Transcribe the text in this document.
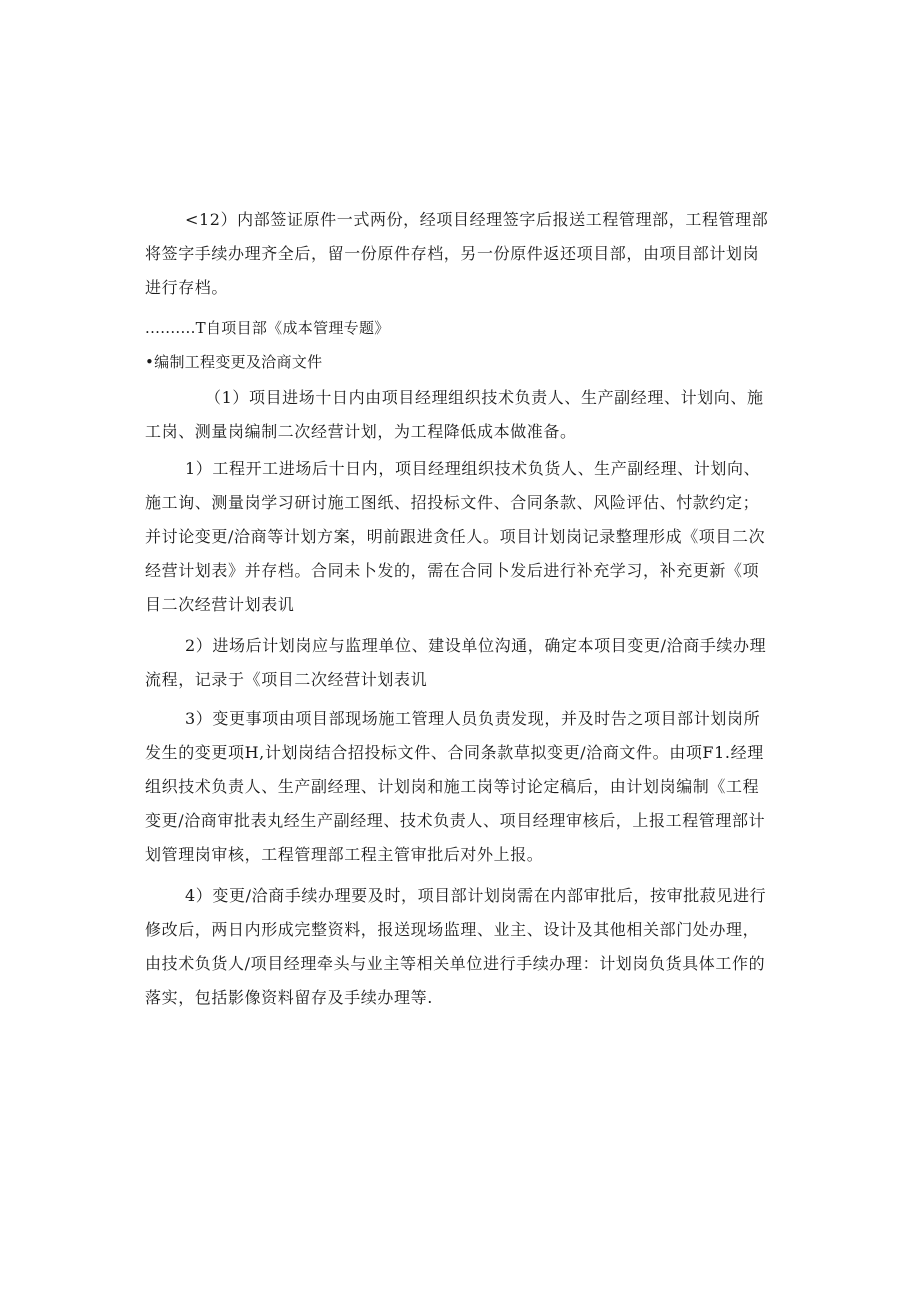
<12）内部签证原件一式两份，经项目经理签字后报送工程管理部，工程管理部
将签字手续办理齐全后，留一份原件存档，另一份原件返还项目部，由项目部计划岗
进行存档。
..........T自项目部《成本管理专题》
•编制工程变更及洽商文件
（1）项目进场十日内由项目经理组织技术负责人、生产副经理、计划向、施
工岗、测量岗编制二次经营计划，为工程降低成本做准备。
1）工程开工进场后十日内，项目经理组织技术负货人、生产副经理、计划向、
施工询、测量岗学习研讨施工图纸、招投标文件、合同条款、风险评估、忖款约定；
并讨论变更/洽商等计划方案，明前跟进贪任人。项目计划岗记录整理形成《项目二次
经营计划表》并存档。合同未卜发的，需在合同卜发后进行补充学习，补充更新《项
目二次经营计划表讥
2）进场后计划岗应与监理单位、建设单位沟通，确定本项目变更/洽商手续办理
流程，记录于《项目二次经营计划表讥
3）变更事项由项目部现场施工管理人员负责发现，并及时告之项目部计划岗所
发生的变更项H,计划岗结合招投标文件、合同条款草拟变更/洽商文件。由项F1.经理
组织技术负责人、生产副经理、计划岗和施工岗等讨论定稿后，由计划岗编制《工程
变更/洽商审批表丸经生产副经理、技术负责人、项目经理审核后，上报工程管理部计
划管理岗审核，工程管理部工程主管审批后对外上报。
4）变更/洽商手续办理要及时，项目部计划岗需在内部审批后，按审批菽见进行
修改后，两日内形成完整资料，报送现场监理、业主、设计及其他相关部门处办理，
由技术负货人/项目经理牵头与业主等相关单位进行手续办理：计划岗负货具体工作的
落实，包括影像资料留存及手续办理等.
